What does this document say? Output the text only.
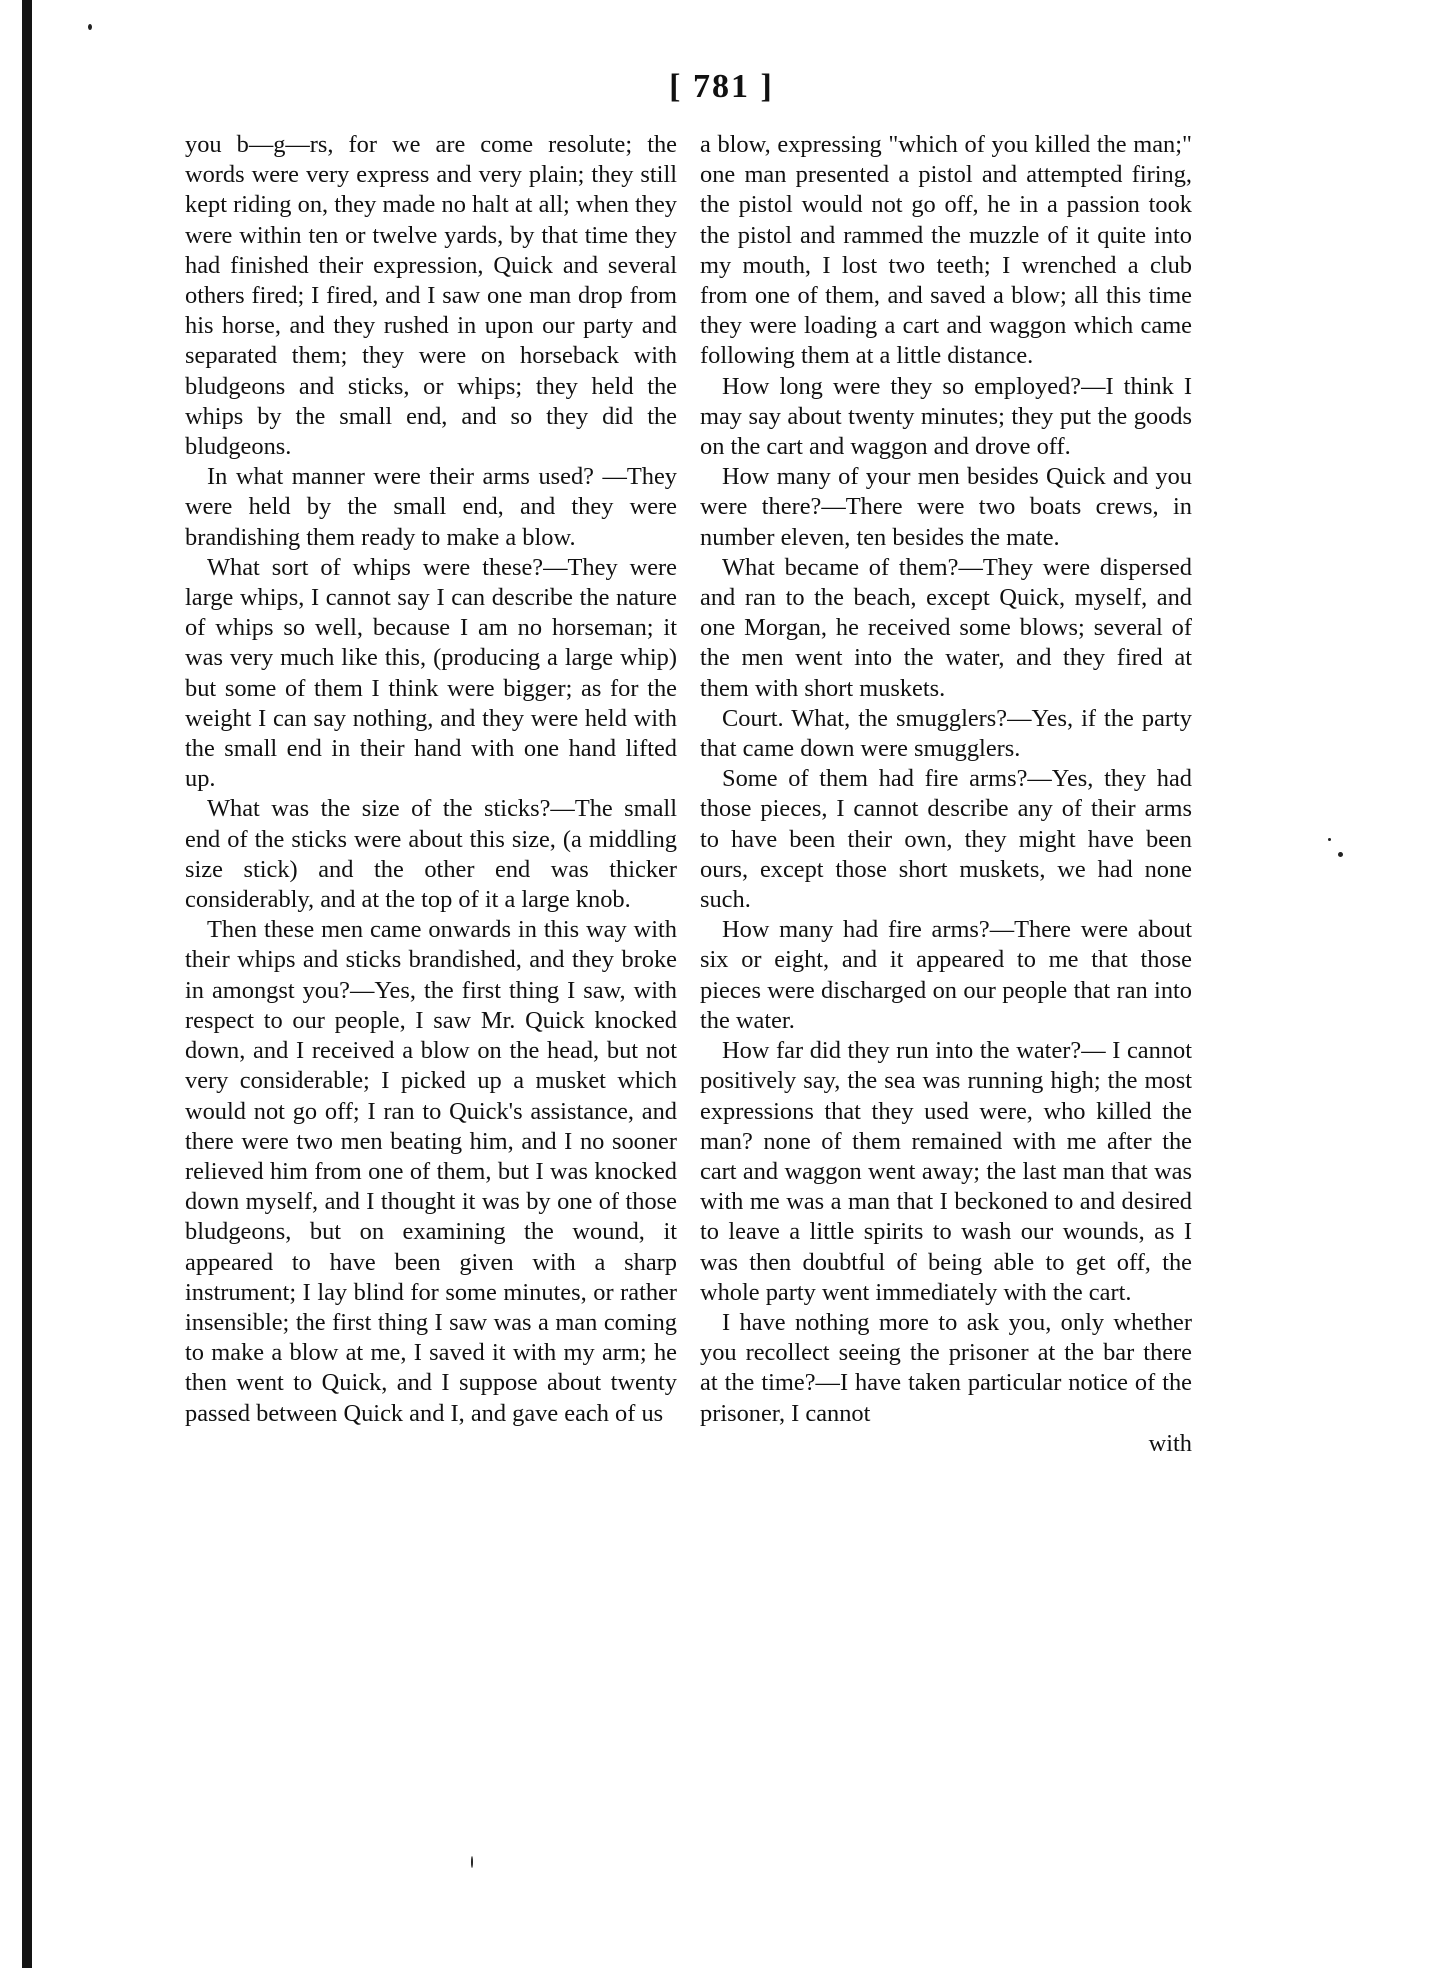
[ 781 ]

you b—g—rs, for we are come resolute; the words were very express and very plain; they still kept riding on, they made no halt at all; when they were within ten or twelve yards, by that time they had finished their expression, Quick and several others fired; I fired, and I saw one man drop from his horse, and they rushed in upon our party and separated them; they were on horseback with bludgeons and sticks, or whips; they held the whips by the small end, and so they did the bludgeons.

In what manner were their arms used? —They were held by the small end, and they were brandishing them ready to make a blow.

What sort of whips were these?—They were large whips, I cannot say I can describe the nature of whips so well, because I am no horseman; it was very much like this, (producing a large whip) but some of them I think were bigger; as for the weight I can say nothing, and they were held with the small end in their hand with one hand lifted up.

What was the size of the sticks?—The small end of the sticks were about this size, (a middling size stick) and the other end was thicker considerably, and at the top of it a large knob.

Then these men came onwards in this way with their whips and sticks brandished, and they broke in amongst you?—Yes, the first thing I saw, with respect to our people, I saw Mr. Quick knocked down, and I received a blow on the head, but not very considerable; I picked up a musket which would not go off; I ran to Quick's assistance, and there were two men beating him, and I no sooner relieved him from one of them, but I was knocked down myself, and I thought it was by one of those bludgeons, but on examining the wound, it appeared to have been given with a sharp instrument; I lay blind for some minutes, or rather insensible; the first thing I saw was a man coming to make a blow at me, I saved it with my arm; he then went to Quick, and I suppose about twenty passed between Quick and I, and gave each of us

a blow, expressing "which of you killed the man;" one man presented a pistol and attempted firing, the pistol would not go off, he in a passion took the pistol and rammed the muzzle of it quite into my mouth, I lost two teeth; I wrenched a club from one of them, and saved a blow; all this time they were loading a cart and waggon which came following them at a little distance.

How long were they so employed?—I think I may say about twenty minutes; they put the goods on the cart and waggon and drove off.

How many of your men besides Quick and you were there?—There were two boats crews, in number eleven, ten besides the mate.

What became of them?—They were dispersed and ran to the beach, except Quick, myself, and one Morgan, he received some blows; several of the men went into the water, and they fired at them with short muskets.

Court. What, the smugglers?—Yes, if the party that came down were smugglers.

Some of them had fire arms?—Yes, they had those pieces, I cannot describe any of their arms to have been their own, they might have been ours, except those short muskets, we had none such.

How many had fire arms?—There were about six or eight, and it appeared to me that those pieces were discharged on our people that ran into the water.

How far did they run into the water?— I cannot positively say, the sea was running high; the most expressions that they used were, who killed the man? none of them remained with me after the cart and waggon went away; the last man that was with me was a man that I beckoned to and desired to leave a little spirits to wash our wounds, as I was then doubtful of being able to get off, the whole party went immediately with the cart.

I have nothing more to ask you, only whether you recollect seeing the prisoner at the bar there at the time?—I have taken particular notice of the prisoner, I cannot

with
